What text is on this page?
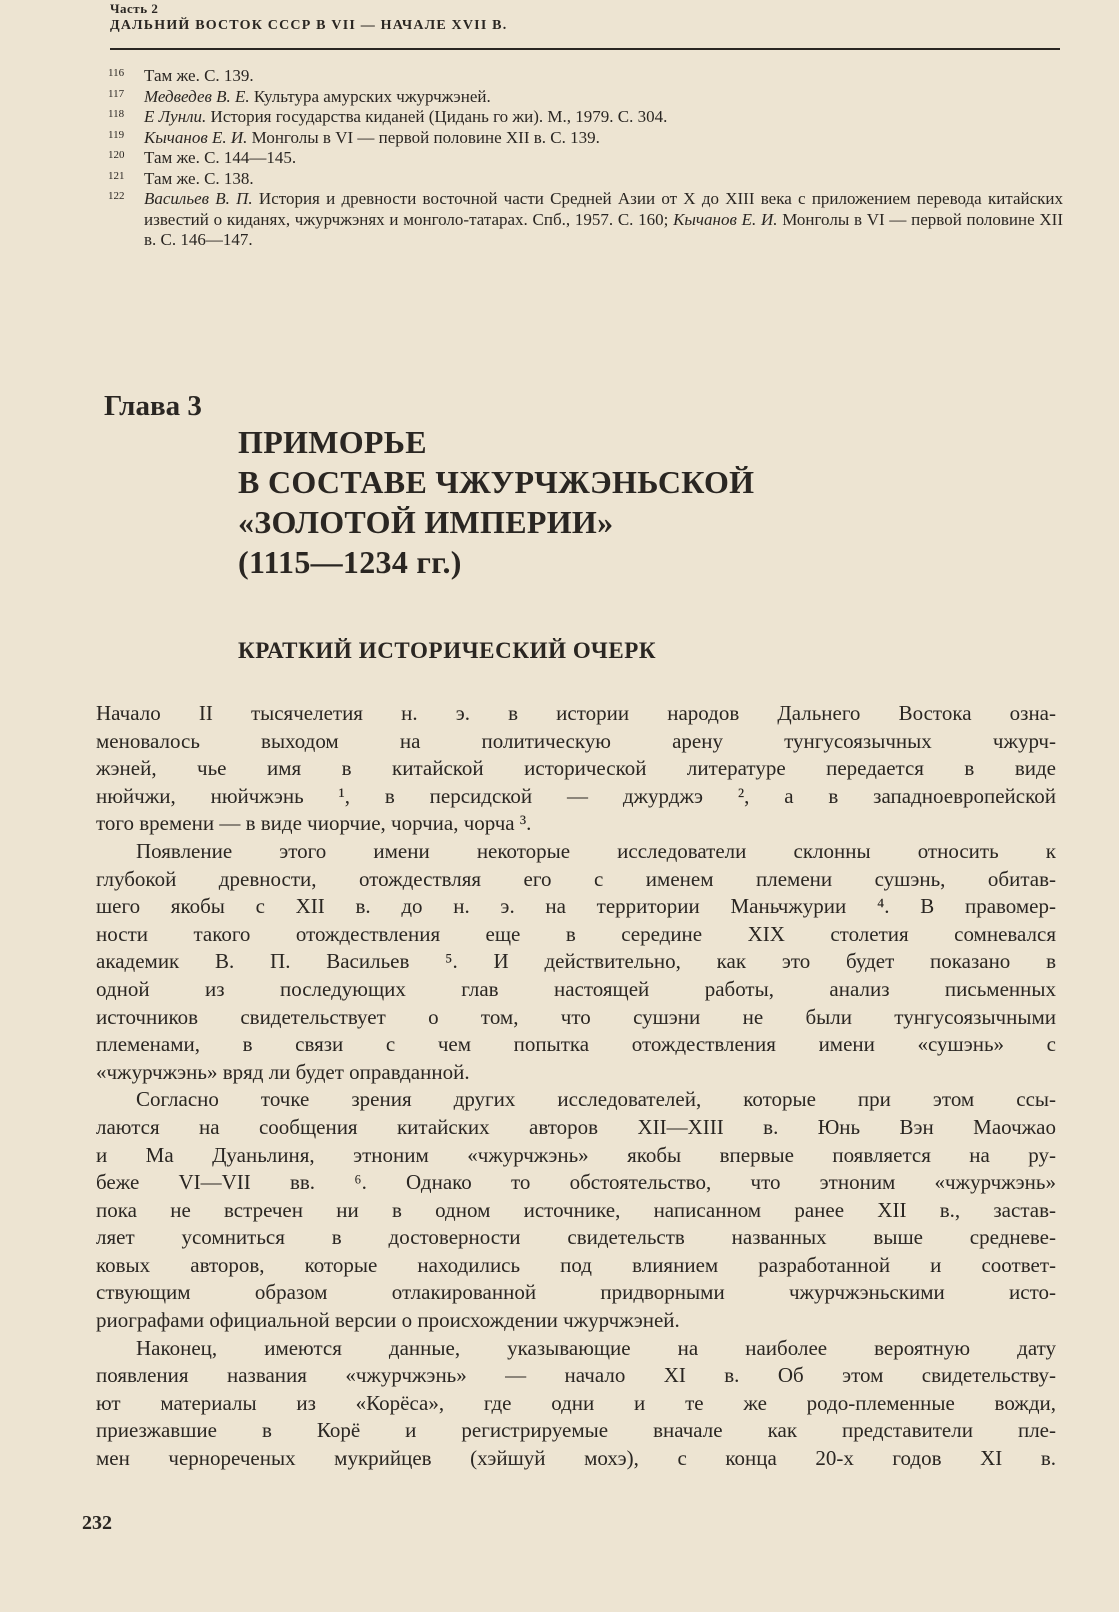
Часть 2
ДАЛЬНИЙ ВОСТОК СССР В VII — НАЧАЛЕ XVII В.
116	Там же. С. 139.
117	Медведев В. Е. Культура амурских чжурчжэней.
118	Е Лунли. История государства киданей (Цидань го жи). М., 1979. С. 304.
119	Кычанов Е. И. Монголы в VI — первой половине XII в. С. 139.
120	Там же. С. 144—145.
121	Там же. С. 138.
122	Васильев В. П. История и древности восточной части Средней Азии от X до XIII века с приложением перевода китайских известий о киданях, чжурчжэнях и монголо-татарах. Спб., 1957. С. 160; Кычанов Е. И. Монголы в VI — первой половине XII в. С. 146—147.
Глава 3
ПРИМОРЬЕ
В СОСТАВЕ ЧЖУРЧЖЭНЬСКОЙ
«ЗОЛОТОЙ ИМПЕРИИ»
(1115—1234 гг.)
КРАТКИЙ ИСТОРИЧЕСКИЙ ОЧЕРК
Начало II тысячелетия н. э. в истории народов Дальнего Востока озна-
меновалось выходом на политическую арену тунгусоязычных чжурч-
жэней, чье имя в китайской исторической литературе передается в виде
нюйчжи, нюйчжэнь ¹, в персидской — джурджэ ², а в западноевропейской
того времени — в виде чиорчие, чорчиа, чорча ³.
Появление этого имени некоторые исследователи склонны относить к
глубокой древности, отождествляя его с именем племени сушэнь, обитав-
шего якобы с XII в. до н. э. на территории Маньчжурии ⁴. В правомер-
ности такого отождествления еще в середине XIX столетия сомневался
академик В. П. Васильев ⁵. И действительно, как это будет показано в
одной из последующих глав настоящей работы, анализ письменных
источников свидетельствует о том, что сушэни не были тунгусоязычными
племенами, в связи с чем попытка отождествления имени «сушэнь» с
«чжурчжэнь» вряд ли будет оправданной.
Согласно точке зрения других исследователей, которые при этом ссы-
лаются на сообщения китайских авторов XII—XIII в. Юнь Вэн Маочжао
и Ма Дуаньлиня, этноним «чжурчжэнь» якобы впервые появляется на ру-
беже VI—VII вв. ⁶. Однако то обстоятельство, что этноним «чжурчжэнь»
пока не встречен ни в одном источнике, написанном ранее XII в., застав-
ляет усомниться в достоверности свидетельств названных выше средневе-
ковых авторов, которые находились под влиянием разработанной и соответ-
ствующим образом отлакированной придворными чжурчжэньскими исто-
риографами официальной версии о происхождении чжурчжэней.
Наконец, имеются данные, указывающие на наиболее вероятную дату
появления названия «чжурчжэнь» — начало XI в. Об этом свидетельству-
ют материалы из «Корёса», где одни и те же родо-племенные вожди,
приезжавшие в Корё и регистрируемые вначале как представители пле-
мен чернореченых мукрийцев (хэйшуй мохэ), с конца 20-х годов XI в.
232
